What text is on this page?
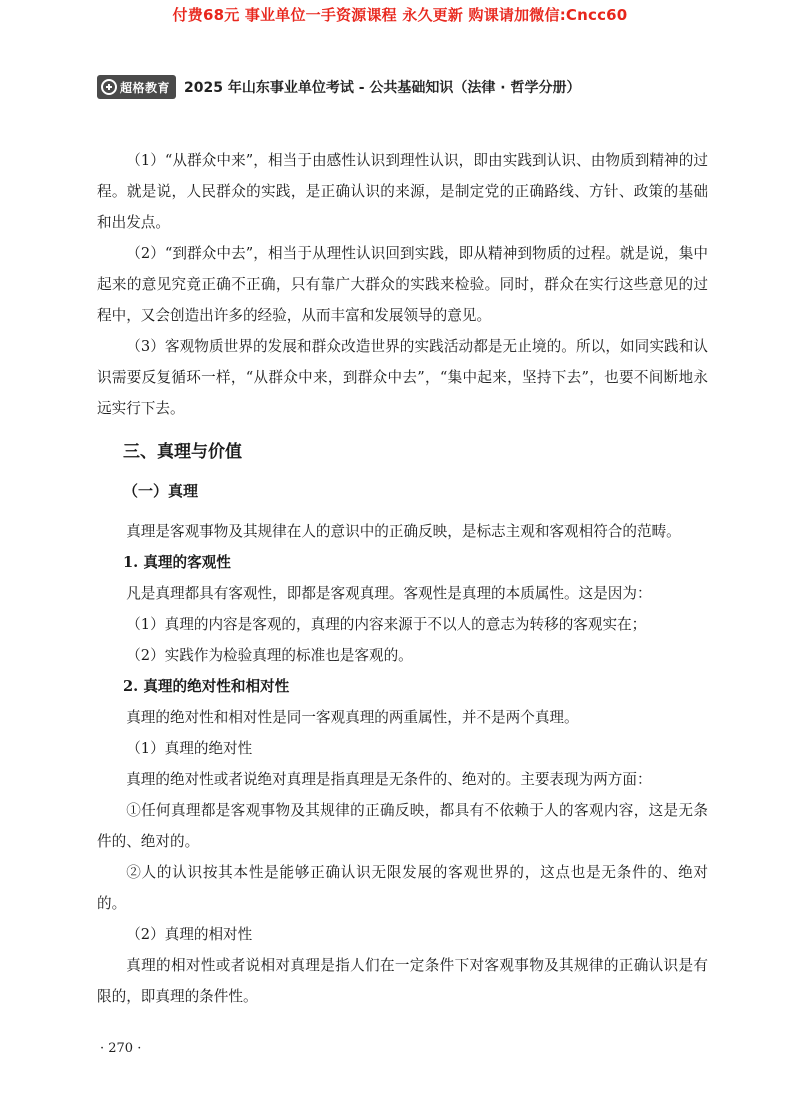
付费68元 事业单位一手资源课程 永久更新 购课请加微信:Cncc60
超格教育 2025 年山东事业单位考试 - 公共基础知识（法律 · 哲学分册）

（1）“从群众中来”，相当于由感性认识到理性认识，即由实践到认识、由物质到精神的过程。就是说，人民群众的实践，是正确认识的来源，是制定党的正确路线、方针、政策的基础和出发点。

（2）“到群众中去”，相当于从理性认识回到实践，即从精神到物质的过程。就是说，集中起来的意见究竟正确不正确，只有靠广大群众的实践来检验。同时，群众在实行这些意见的过程中，又会创造出许多的经验，从而丰富和发展领导的意见。

（3）客观物质世界的发展和群众改造世界的实践活动都是无止境的。所以，如同实践和认识需要反复循环一样，“从群众中来，到群众中去”，“集中起来，坚持下去”，也要不间断地永远实行下去。

三、真理与价值
（一）真理

真理是客观事物及其规律在人的意识中的正确反映，是标志主观和客观相符合的范畴。

1. 真理的客观性

凡是真理都具有客观性，即都是客观真理。客观性是真理的本质属性。这是因为：

（1）真理的内容是客观的，真理的内容来源于不以人的意志为转移的客观实在；

（2）实践作为检验真理的标准也是客观的。

2. 真理的绝对性和相对性

真理的绝对性和相对性是同一客观真理的两重属性，并不是两个真理。

（1）真理的绝对性

真理的绝对性或者说绝对真理是指真理是无条件的、绝对的。主要表现为两方面：

①任何真理都是客观事物及其规律的正确反映，都具有不依赖于人的客观内容，这是无条件的、绝对的。

②人的认识按其本性是能够正确认识无限发展的客观世界的，这点也是无条件的、绝对的。

（2）真理的相对性

真理的相对性或者说相对真理是指人们在一定条件下对客观事物及其规律的正确认识是有限的，即真理的条件性。

· 270 ·
